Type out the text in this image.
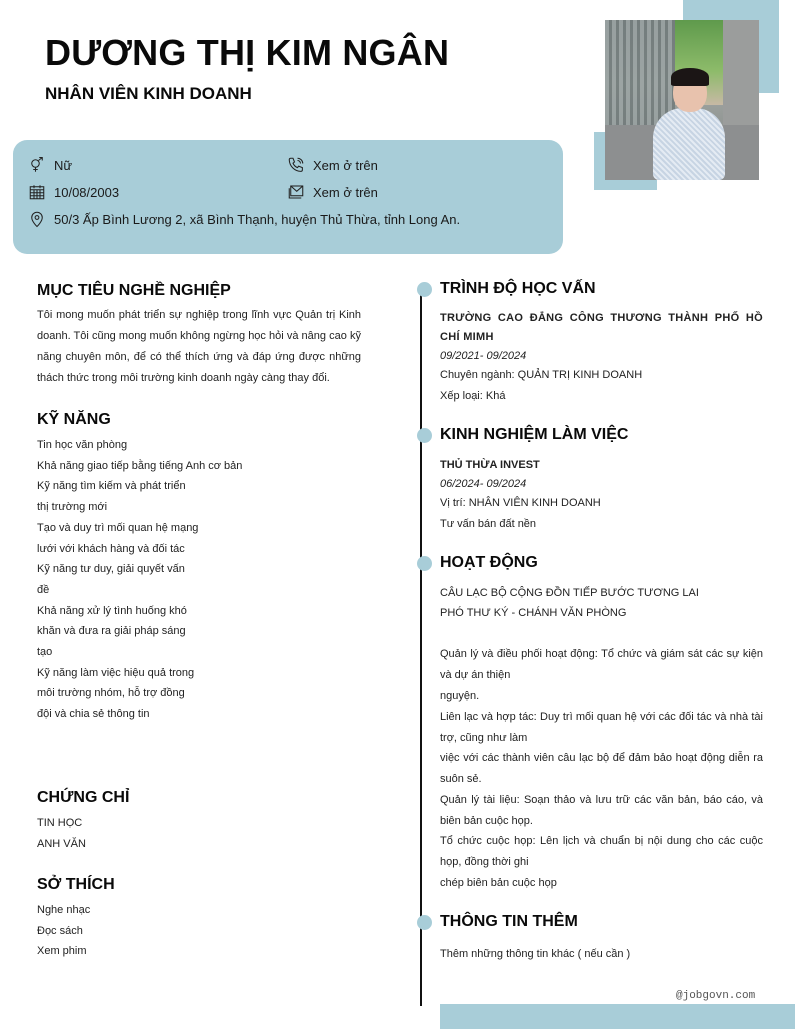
DƯƠNG THỊ KIM NGÂN
NHÂN VIÊN KINH DOANH
Nữ
10/08/2003
50/3 Ấp Bình Lương 2, xã Bình Thạnh, huyện Thủ Thừa, tỉnh Long An.
Xem ở trên
Xem ở trên
MỤC TIÊU NGHỀ NGHIỆP

Tôi mong muốn phát triển sự nghiệp trong lĩnh vực Quản trị Kinh doanh. Tôi cũng mong muốn không ngừng học hỏi và nâng cao kỹ năng chuyên môn, để có thể thích ứng và đáp ứng được những thách thức trong môi trường kinh doanh ngày càng thay đổi.

KỸ NĂNG
Tin học văn phòng
Khả năng giao tiếp bằng tiếng Anh cơ bản
Kỹ năng tìm kiếm và phát triển
thị trường mới
Tạo và duy trì mối quan hệ mạng
lưới với khách hàng và đối tác
Kỹ năng tư duy, giải quyết vấn
đề
Khả năng xử lý tình huống khó
khăn và đưa ra giải pháp sáng
tạo
Kỹ năng làm việc hiệu quả trong
môi trường nhóm, hỗ trợ đồng
đội và chia sẻ thông tin
CHỨNG CHỈ
TIN HỌC
ANH VĂN
SỞ THÍCH
Nghe nhạc
Đọc sách
Xem phim
TRÌNH ĐỘ HỌC VẤN
TRƯỜNG CAO ĐẲNG CÔNG THƯƠNG THÀNH PHỐ HỒ CHÍ MIMH
09/2021- 09/2024
Chuyên ngành: QUẢN TRỊ KINH DOANH
Xếp loại: Khá
KINH NGHIỆM LÀM VIỆC
THỦ THỪA INVEST
06/2024- 09/2024
Vị trí: NHÂN VIÊN KINH DOANH
Tư vấn bán đất nền
HOẠT ĐỘNG
CÂU LẠC BỘ CỘNG ĐỒN TIẾP BƯỚC TƯƠNG LAI
PHÓ THƯ KÝ - CHÁNH VĂN PHÒNG
Quản lý và điều phối hoạt động: Tổ chức và giám sát các sự kiện và dự án thiện
nguyện.
Liên lạc và hợp tác: Duy trì mối quan hệ với các đối tác và nhà tài trợ, cũng như làm
việc với các thành viên câu lạc bộ để đảm bảo hoạt động diễn ra suôn sẻ.
Quản lý tài liệu: Soạn thảo và lưu trữ các văn bản, báo cáo, và biên bản cuộc họp.
Tổ chức cuộc họp: Lên lịch và chuẩn bị nội dung cho các cuộc họp, đồng thời ghi
chép biên bản cuộc họp
THÔNG TIN THÊM
Thêm những thông tin khác ( nếu cần )
@jobgovn.com
